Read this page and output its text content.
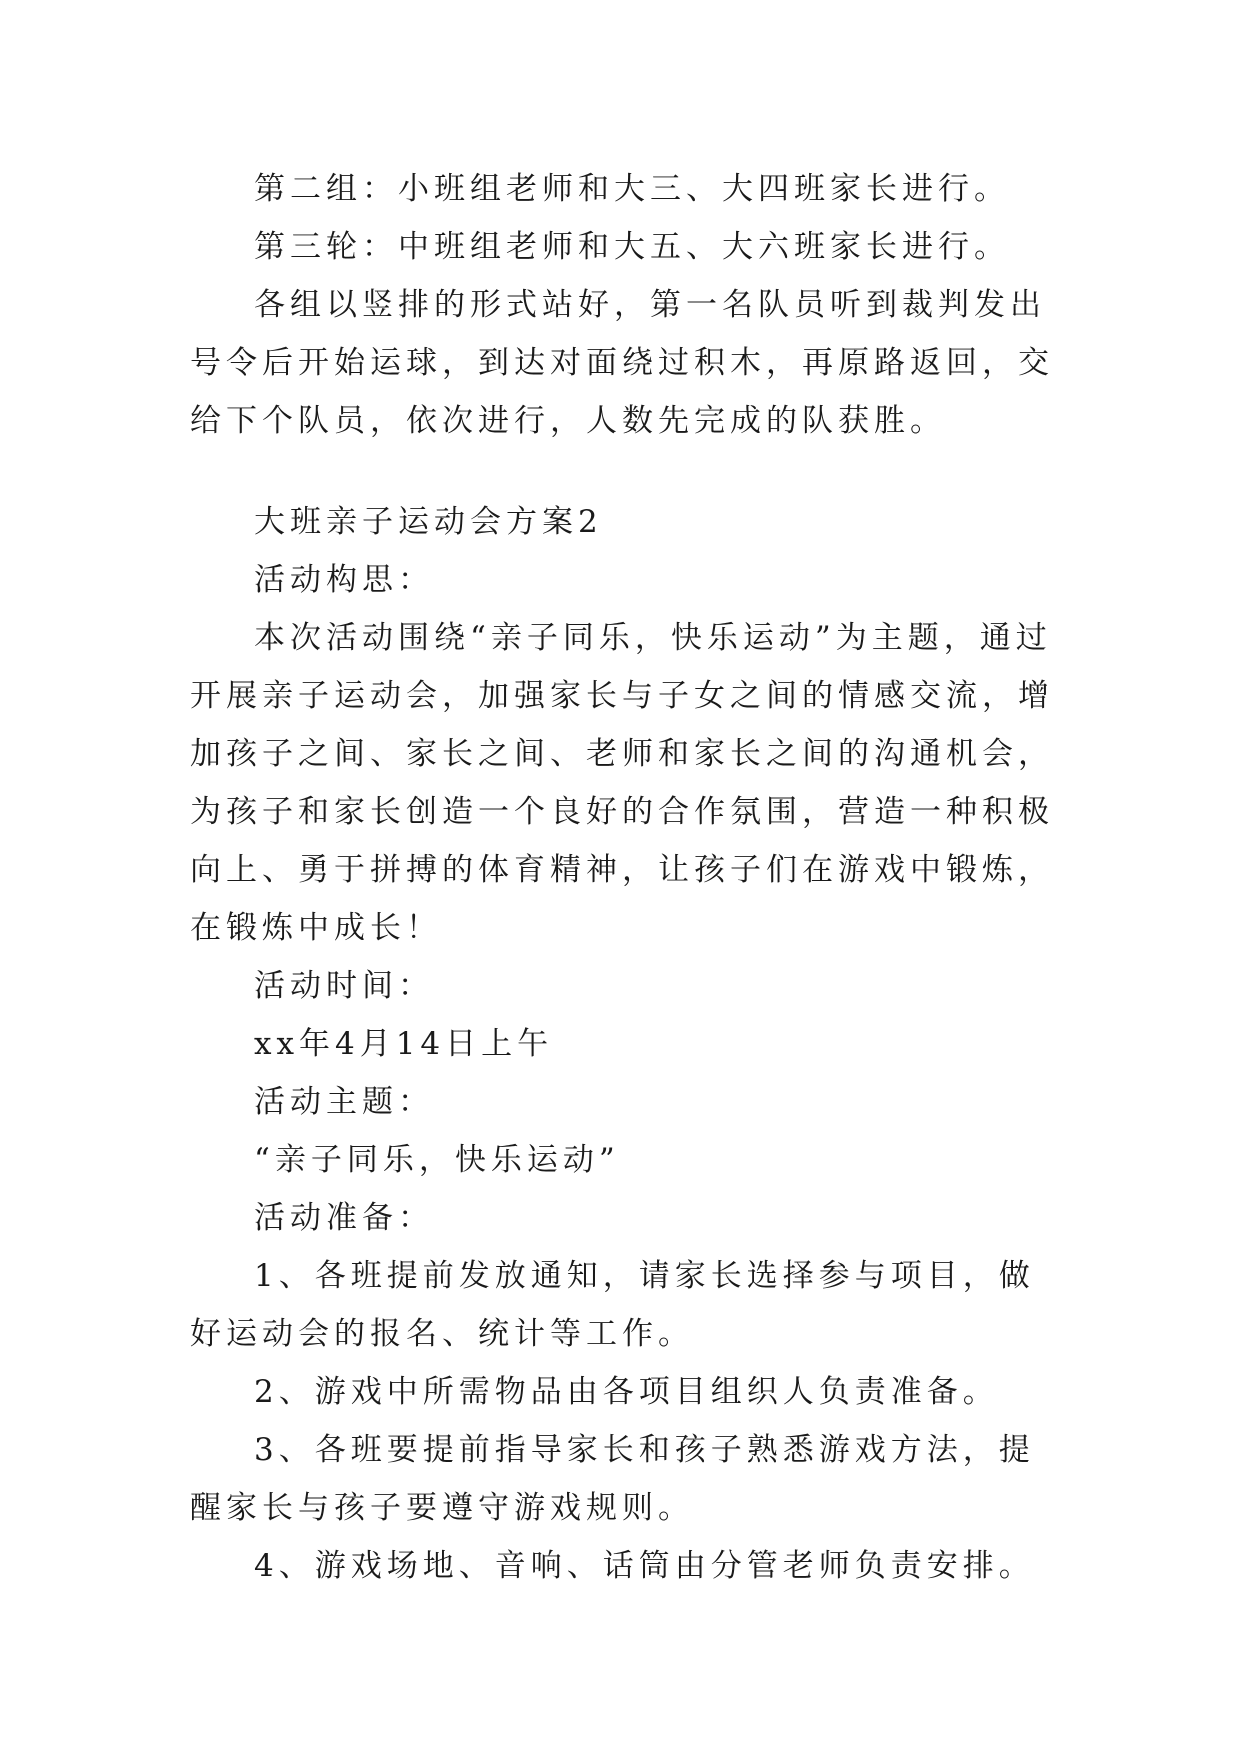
第二组：小班组老师和大三、大四班家长进行。

第三轮：中班组老师和大五、大六班家长进行。

各组以竖排的形式站好，第一名队员听到裁判发出号令后开始运球，到达对面绕过积木，再原路返回，交给下个队员，依次进行，人数先完成的队获胜。

大班亲子运动会方案2

活动构思：

本次活动围绕“亲子同乐，快乐运动”为主题，通过开展亲子运动会，加强家长与子女之间的情感交流，增加孩子之间、家长之间、老师和家长之间的沟通机会，为孩子和家长创造一个良好的合作氛围，营造一种积极向上、勇于拼搏的体育精神，让孩子们在游戏中锻炼，在锻炼中成长！

活动时间：

xx年4月14日上午

活动主题：

“亲子同乐，快乐运动”

活动准备：

1、各班提前发放通知，请家长选择参与项目，做好运动会的报名、统计等工作。

2、游戏中所需物品由各项目组织人负责准备。

3、各班要提前指导家长和孩子熟悉游戏方法，提醒家长与孩子要遵守游戏规则。

4、游戏场地、音响、话筒由分管老师负责安排。
